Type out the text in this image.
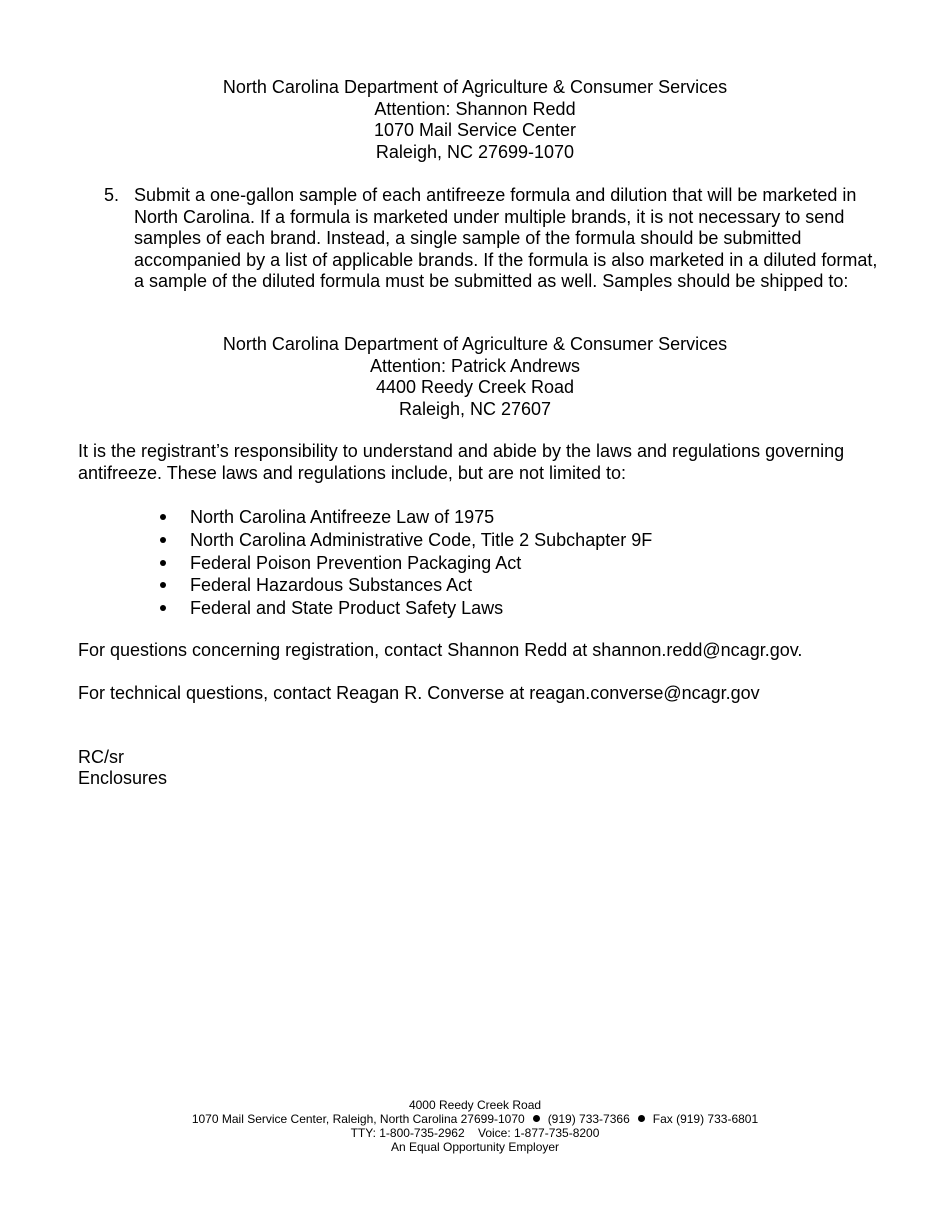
North Carolina Department of Agriculture & Consumer Services
Attention: Shannon Redd
1070 Mail Service Center
Raleigh, NC 27699-1070
5. Submit a one-gallon sample of each antifreeze formula and dilution that will be marketed in North Carolina. If a formula is marketed under multiple brands, it is not necessary to send samples of each brand. Instead, a single sample of the formula should be submitted accompanied by a list of applicable brands. If the formula is also marketed in a diluted format, a sample of the diluted formula must be submitted as well. Samples should be shipped to:
North Carolina Department of Agriculture & Consumer Services
Attention: Patrick Andrews
4400 Reedy Creek Road
Raleigh, NC 27607
It is the registrant’s responsibility to understand and abide by the laws and regulations governing antifreeze. These laws and regulations include, but are not limited to:
North Carolina Antifreeze Law of 1975
North Carolina Administrative Code, Title 2 Subchapter 9F
Federal Poison Prevention Packaging Act
Federal Hazardous Substances Act
Federal and State Product Safety Laws
For questions concerning registration, contact Shannon Redd at shannon.redd@ncagr.gov.
For technical questions, contact Reagan R. Converse at reagan.converse@ncagr.gov
RC/sr
Enclosures
4000 Reedy Creek Road
1070 Mail Service Center, Raleigh, North Carolina 27699-1070 (919) 733-7366 Fax (919) 733-6801
TTY: 1-800-735-2962    Voice: 1-877-735-8200
An Equal Opportunity Employer
